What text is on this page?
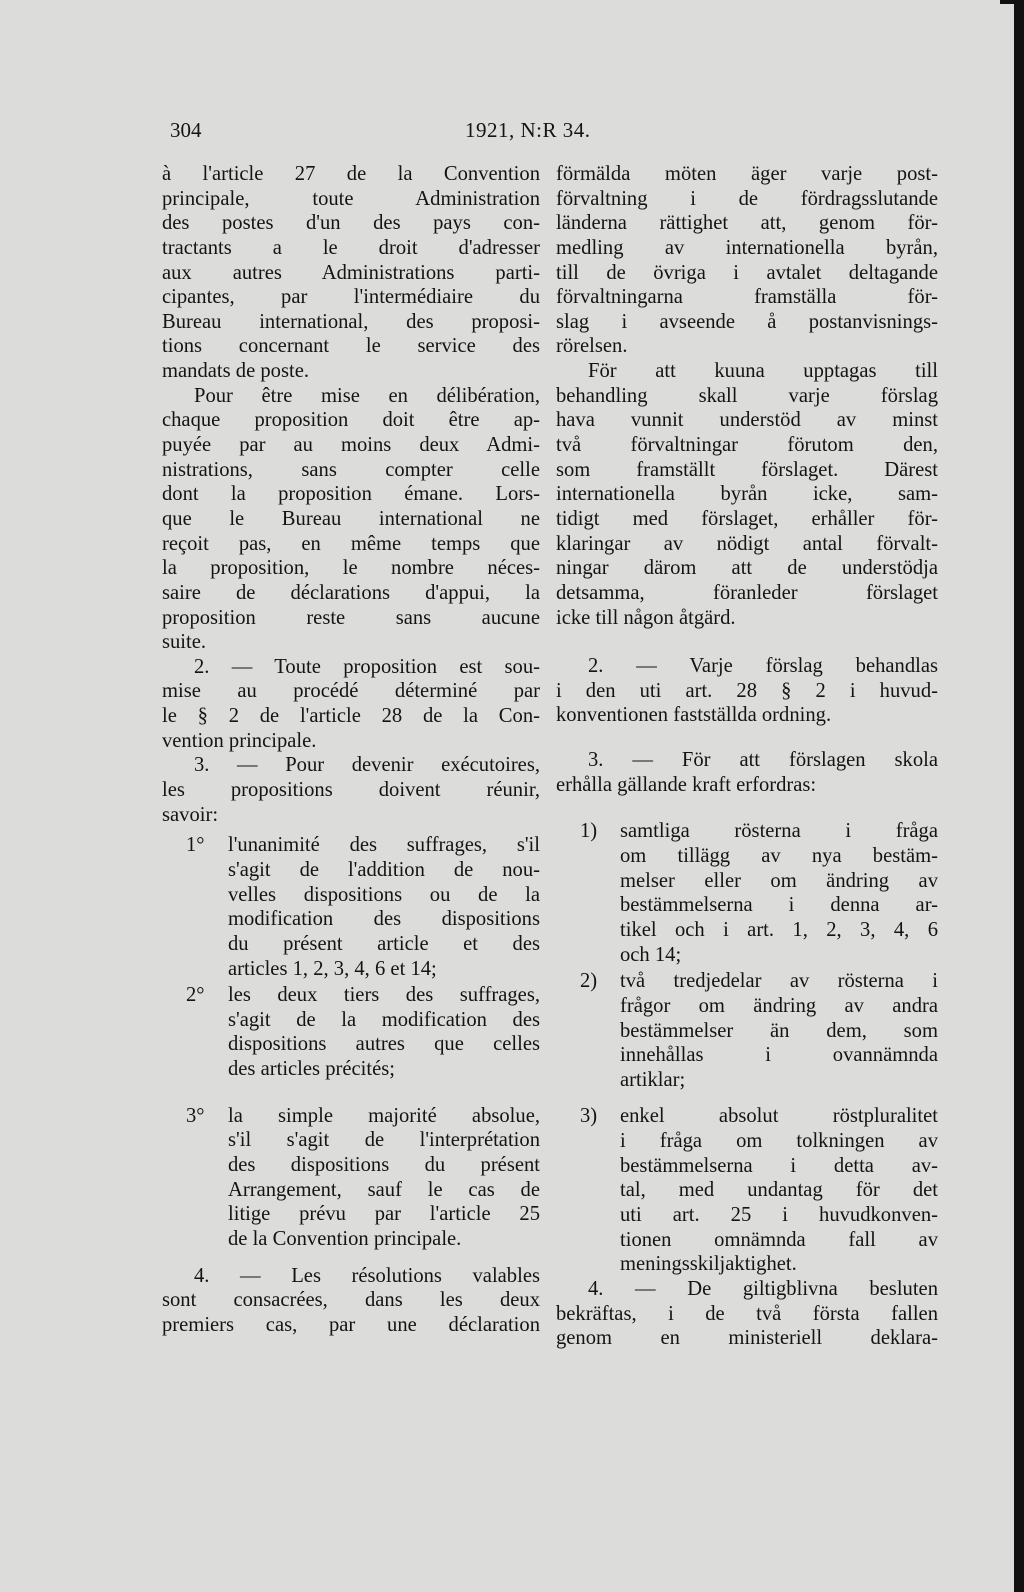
304	1921, N:R 34.
à l'article 27 de la Convention
principale, toute Administration
des postes d'un des pays con-
tractants a le droit d'adresser
aux autres Administrations parti-
cipantes, par l'intermédiaire du
Bureau international, des proposi-
tions concernant le service des
mandats de poste.
Pour être mise en délibération,
chaque proposition doit être ap-
puyée par au moins deux Admi-
nistrations, sans compter celle
dont la proposition émane. Lors-
que le Bureau international ne
reçoit pas, en même temps que
la proposition, le nombre néces-
saire de déclarations d'appui, la
proposition reste sans aucune
suite.
2. — Toute proposition est sou-
mise au procédé déterminé par
le § 2 de l'article 28 de la Con-
vention principale.
3. — Pour devenir exécutoires,
les propositions doivent réunir,
savoir:
1° l'unanimité des suffrages, s'il
s'agit de l'addition de nou-
velles dispositions ou de la
modification des dispositions
du présent article et des
articles 1, 2, 3, 4, 6 et 14;
2° les deux tiers des suffrages,
s'agit de la modification des
dispositions autres que celles
des articles précités;
3° la simple majorité absolue,
s'il s'agit de l'interprétation
des dispositions du présent
Arrangement, sauf le cas de
litige prévu par l'article 25
de la Convention principale.
4. — Les résolutions valables
sont consacrées, dans les deux
premiers cas, par une déclaration
förmälda möten äger varje post-
förvaltning i de fördragsslutande
länderna rättighet att, genom för-
medling av internationella byrån,
till de övriga i avtalet deltagande
förvaltningarna framställa för-
slag i avseende å postanvisnings-
rörelsen.
För att kuuna upptagas till
behandling skall varje förslag
hava vunnit understöd av minst
två förvaltningar förutom den,
som framställt förslaget. Därest
internationella byrån icke, sam-
tidigt med förslaget, erhåller för-
klaringar av nödigt antal förvalt-
ningar därom att de understödja
detsamma, föranleder förslaget
icke till någon åtgärd.
2. — Varje förslag behandlas
i den uti art. 28 § 2 i huvud-
konventionen fastställda ordning.
3. — För att förslagen skola
erhålla gällande kraft erfordras:
1) samtliga rösterna i fråga
om tillägg av nya bestäm-
melser eller om ändring av
bestämmelserna i denna ar-
tikel och i art. 1, 2, 3, 4, 6
och 14;
2) två tredjedelar av rösterna i
frågor om ändring av andra
bestämmelser än dem, som
innehållas i ovannämnda
artiklar;
3) enkel absolut röstpluralitet
i fråga om tolkningen av
bestämmelserna i detta av-
tal, med undantag för det
uti art. 25 i huvudkonven-
tionen omnämnda fall av
meningsskiljaktighet.
4. — De giltigblivna besluten
bekräftas, i de två första fallen
genom en ministeriell deklara-
